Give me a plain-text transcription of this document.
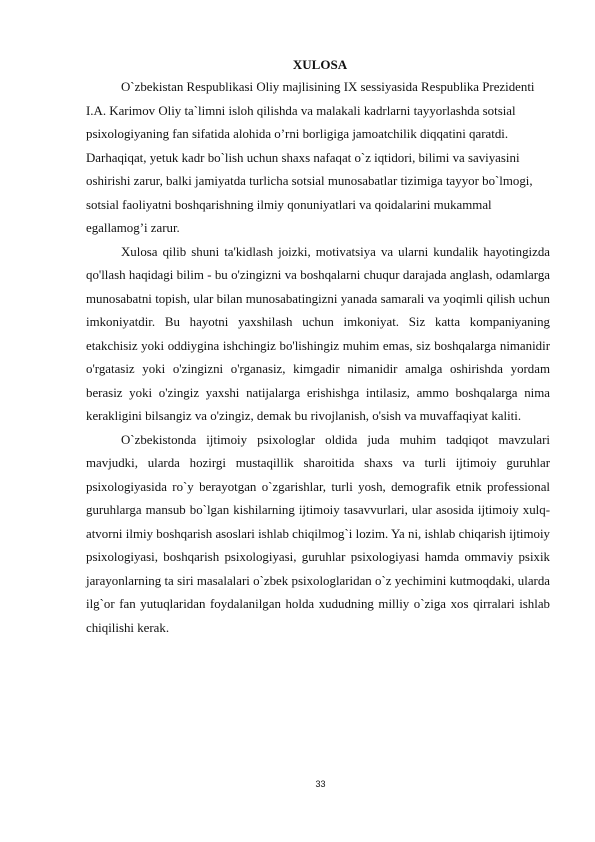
XULOSA

O`zbekistan Respublikasi Oliy majlisining IX sessiyasida Respublika Prezidenti I.A. Karimov Oliy ta`limni isloh qilishda va malakali kadrlarni tayyorlashda sotsial psixologiyaning fan sifatida alohida o’rni borligiga jamoatchilik diqqatini qaratdi. Darhaqiqat, yetuk kadr bo`lish uchun shaxs nafaqat o`z iqtidori, bilimi va saviyasini oshirishi zarur, balki jamiyatda turlicha sotsial munosabatlar tizimiga tayyor bo`lmogi, sotsial faoliyatni boshqarishning ilmiy qonuniyatlari va qoidalarini mukammal egallamog’i zarur.

Xulosa qilib shuni ta'kidlash joizki, motivatsiya va ularni kundalik hayotingizda qo'llash haqidagi bilim - bu o'zingizni va boshqalarni chuqur darajada anglash, odamlarga munosabatni topish, ular bilan munosabatingizni yanada samarali va yoqimli qilish uchun imkoniyatdir. Bu hayotni yaxshilash uchun imkoniyat. Siz katta kompaniyaning etakchisiz yoki oddiygina ishchingiz bo'lishingiz muhim emas, siz boshqalarga nimanidir o'rgatasiz yoki o'zingizni o'rganasiz, kimgadir nimanidir amalga oshirishda yordam berasiz yoki o'zingiz yaxshi natijalarga erishishga intilasiz, ammo boshqalarga nima kerakligini bilsangiz va o'zingiz, demak bu rivojlanish, o'sish va muvaffaqiyat kaliti.

O`zbekistonda ijtimoiy psixologlar oldida juda muhim tadqiqot mavzulari mavjudki, ularda hozirgi mustaqillik sharoitida shaxs va turli ijtimoiy guruhlar psixologiyasida ro`y berayotgan o`zgarishlar, turli yosh, demografik etnik professional guruhlarga mansub bo`lgan kishilarning ijtimoiy tasavvurlari, ular asosida ijtimoiy xulq-atvorni ilmiy boshqarish asoslari ishlab chiqilmog`i lozim. Ya ni, ishlab chiqarish ijtimoiy psixologiyasi, boshqarish psixologiyasi, guruhlar psixologiyasi hamda ommaviy psixik jarayonlarning ta siri masalalari o`zbek psixologlaridan o`z yechimini kutmoqdaki, ularda ilg`or fan yutuqlaridan foydalanilgan holda xududning milliy o`ziga xos qirralari ishlab chiqilishi kerak.

33
